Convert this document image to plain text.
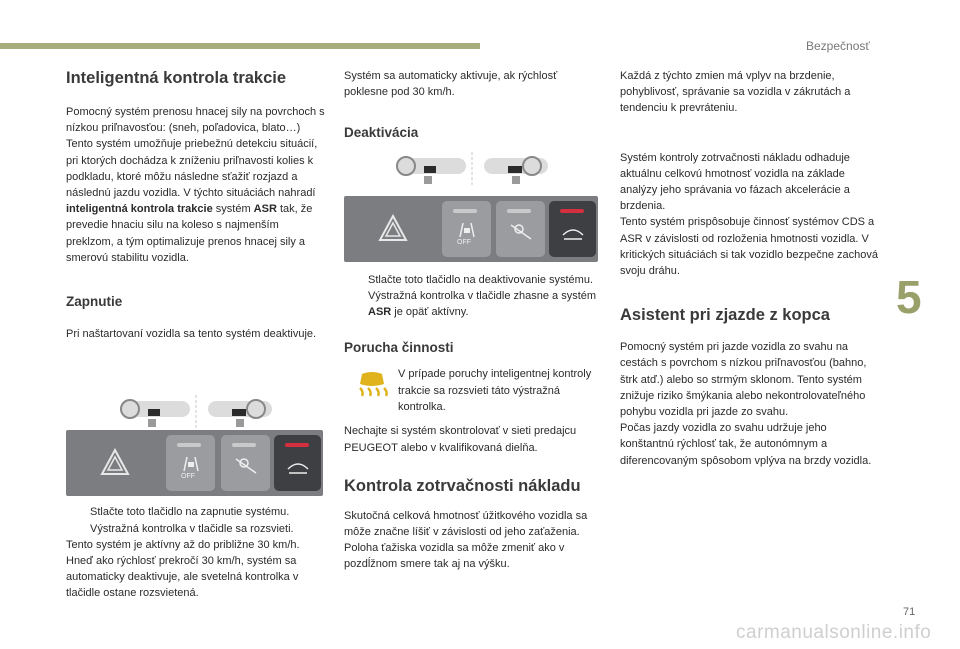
Bezpečnosť
5
71
carmanualsonline.info
Inteligentná kontrola trakcie

Pomocný systém prenosu hnacej sily na povrchoch s nízkou priľnavosťou: (sneh, poľadovica, blato…)

Tento systém umožňuje priebežnú detekciu situácií, pri ktorých dochádza k zníženiu priľnavosti kolies k podkladu, ktoré môžu následne sťažiť rozjazd a následnú jazdu vozidla. V týchto situáciách nahradí inteligentná kontrola trakcie systém ASR tak, že prevedie hnaciu silu na koleso s najmenším preklzom, a tým optimalizuje prenos hnacej sily a smerovú stabilitu vozidla.

Zapnutie

Pri naštartovaní vozidla sa tento systém deaktivuje.

Stlačte toto tlačidlo na zapnutie systému. Výstražná kontrolka v tlačidle sa rozsvieti.

Tento systém je aktívny až do približne 30 km/h. Hneď ako rýchlosť prekročí 30 km/h, systém sa automaticky deaktivuje, ale svetelná kontrolka v tlačidle ostane rozsvietená.

Systém sa automaticky aktivuje, ak rýchlosť poklesne pod 30 km/h.

Deaktivácia

Stlačte toto tlačidlo na deaktivovanie systému. Výstražná kontrolka v tlačidle zhasne a systém ASR je opäť aktívny.

Porucha činnosti

V prípade poruchy inteligentnej kontroly trakcie sa rozsvieti táto výstražná kontrolka.

Nechajte si systém skontrolovať v sieti predajcu PEUGEOT alebo v kvalifikovaná dielňa.

Kontrola zotrvačnosti nákladu

Skutočná celková hmotnosť úžitkového vozidla sa môže značne líšiť v závislosti od jeho zaťaženia. Poloha ťažiska vozidla sa môže zmeniť ako v pozdĺžnom smere tak aj na výšku.

Každá z týchto zmien má vplyv na brzdenie, pohyblivosť, správanie sa vozidla v zákrutách a tendenciu k prevráteniu.

Systém kontroly zotrvačnosti nákladu odhaduje aktuálnu celkovú hmotnosť vozidla na základe analýzy jeho správania vo fázach akcelerácie a brzdenia.

Tento systém prispôsobuje činnosť systémov CDS a ASR v závislosti od rozloženia hmotnosti vozidla. V kritických situáciách si tak vozidlo bezpečne zachová svoju dráhu.

Asistent pri zjazde z kopca

Pomocný systém pri jazde vozidla zo svahu na cestách s povrchom s nízkou priľnavosťou (bahno, štrk atď.) alebo so strmým sklonom. Tento systém znižuje riziko šmýkania alebo nekontrolovateľného pohybu vozidla pri jazde zo svahu.

Počas jazdy vozidla zo svahu udržuje jeho konštantnú rýchlosť tak, že autonómnym a diferencovaným spôsobom vplýva na brzdy vozidla.

OFF
OFF
